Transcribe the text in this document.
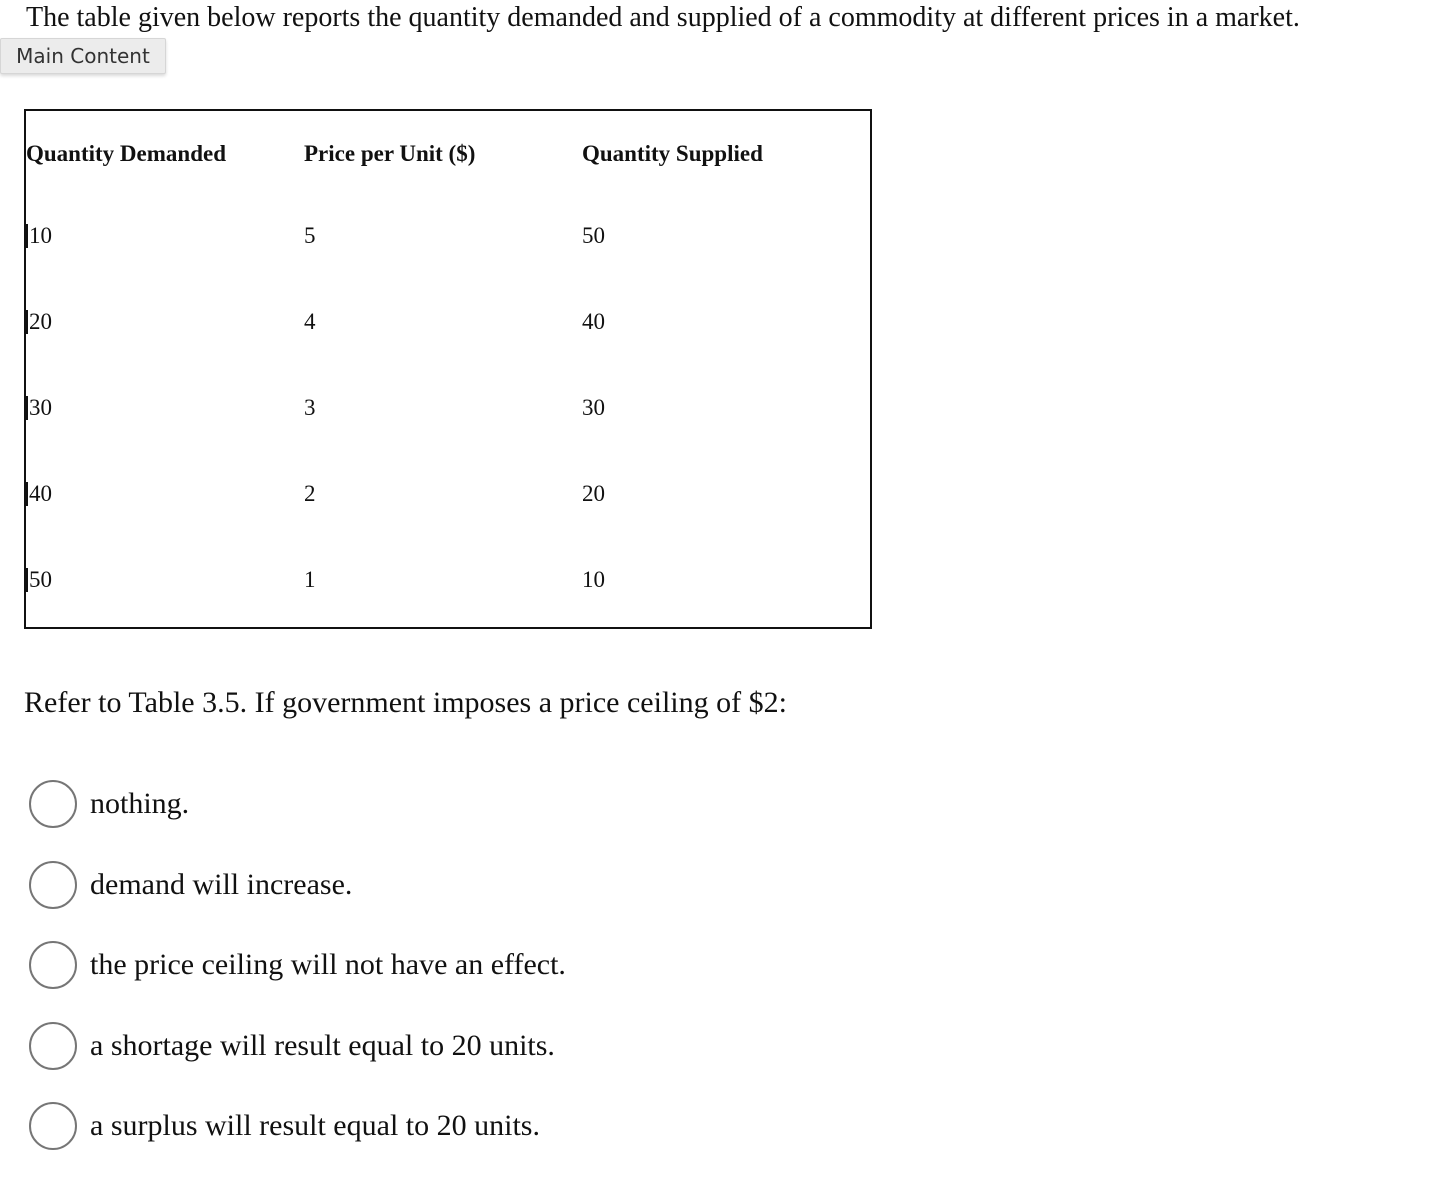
The table given below reports the quantity demanded and supplied of a commodity at different prices in a market.

Main Content
Quantity Demanded	Price per Unit ($)	Quantity Supplied
10	5	50
20	4	40
30	3	30
40	2	20
50	1	10

Refer to Table 3.5. If government imposes a price ceiling of $2:

nothing.
demand will increase.
the price ceiling will not have an effect.
a shortage will result equal to 20 units.
a surplus will result equal to 20 units.
